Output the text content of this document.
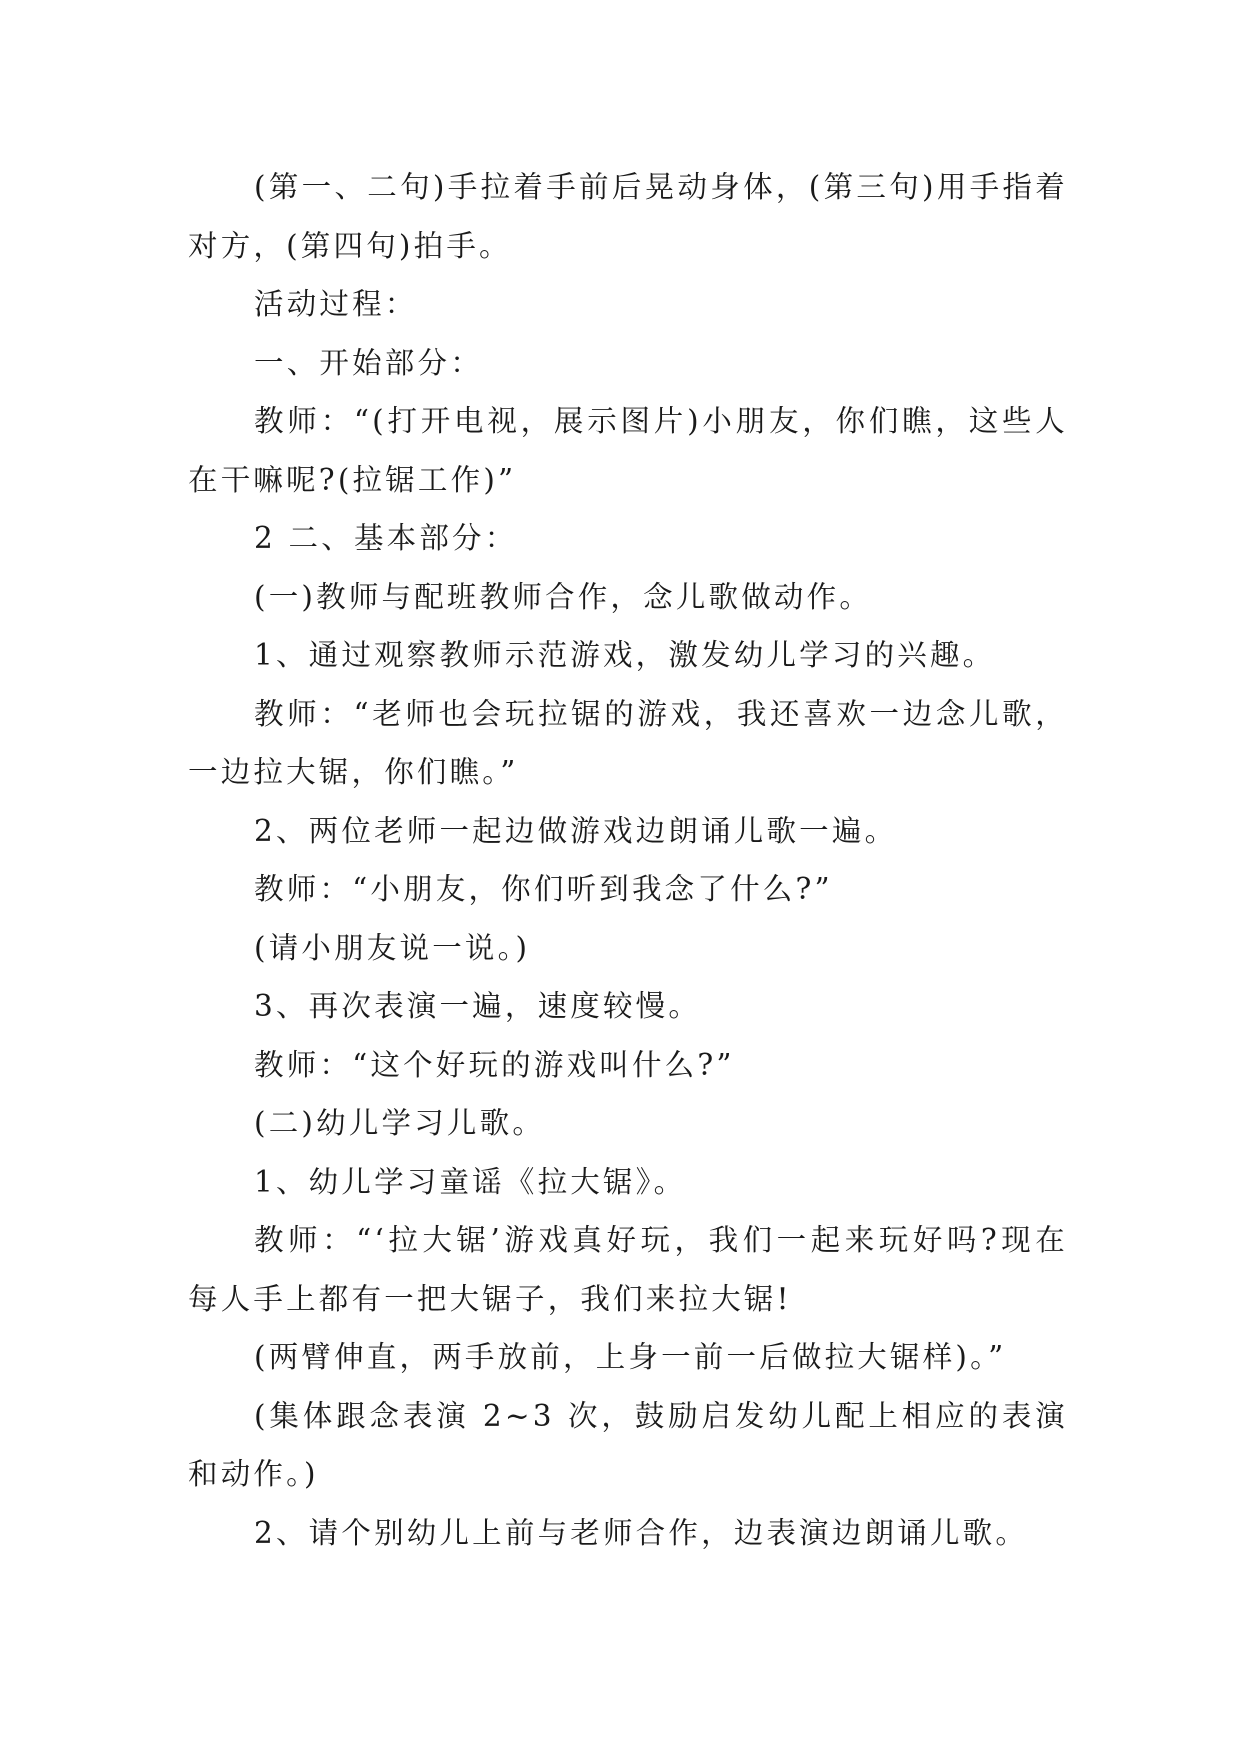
(第一、二句)手拉着手前后晃动身体，(第三句)用手指着对方，(第四句)拍手。

活动过程：

一、开始部分：

教师：“(打开电视，展示图片)小朋友，你们瞧，这些人在干嘛呢?(拉锯工作)”

2 二、基本部分：

(一)教师与配班教师合作，念儿歌做动作。

1、通过观察教师示范游戏，激发幼儿学习的兴趣。

教师：“老师也会玩拉锯的游戏，我还喜欢一边念儿歌，一边拉大锯，你们瞧。”

2、两位老师一起边做游戏边朗诵儿歌一遍。

教师：“小朋友，你们听到我念了什么?”

(请小朋友说一说。)

3、再次表演一遍，速度较慢。

教师：“这个好玩的游戏叫什么?”

(二)幼儿学习儿歌。

1、幼儿学习童谣《拉大锯》。

教师：“‘拉大锯’游戏真好玩，我们一起来玩好吗?现在每人手上都有一把大锯子，我们来拉大锯!

(两臂伸直，两手放前，上身一前一后做拉大锯样)。”

(集体跟念表演 2~3 次，鼓励启发幼儿配上相应的表演和动作。)

2、请个别幼儿上前与老师合作，边表演边朗诵儿歌。
